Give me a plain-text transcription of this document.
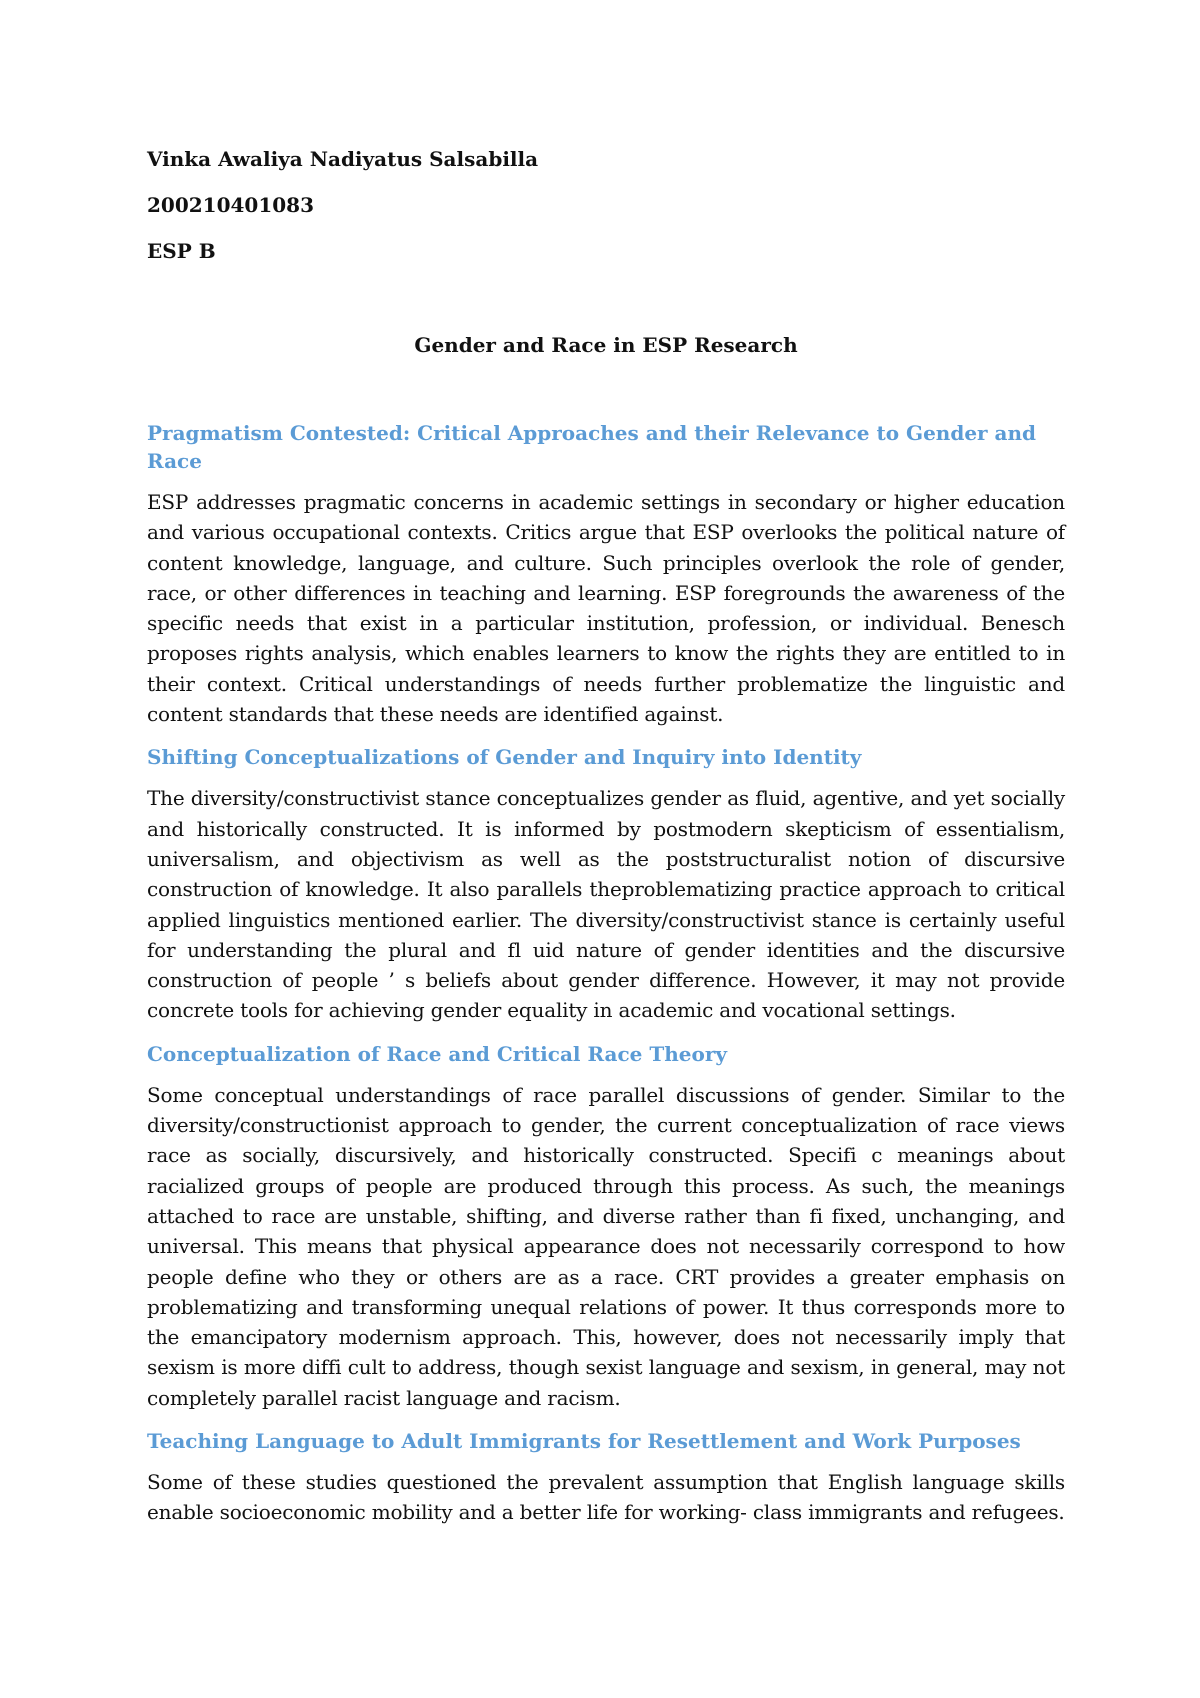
Vinka Awaliya Nadiyatus Salsabilla
200210401083
ESP B
Gender and Race in ESP Research
Pragmatism Contested: Critical Approaches and their Relevance to Gender and Race
ESP addresses pragmatic concerns in academic settings in secondary or higher education and various occupational contexts. Critics argue that ESP overlooks the political nature of content knowledge, language, and culture. Such principles overlook the role of gender, race, or other differences in teaching and learning. ESP foregrounds the awareness of the specific needs that exist in a particular institution, profession, or individual. Benesch proposes rights analysis, which enables learners to know the rights they are entitled to in their context. Critical understandings of needs further problematize the linguistic and content standards that these needs are identified against.
Shifting Conceptualizations of Gender and Inquiry into Identity
The diversity/constructivist stance conceptualizes gender as fluid, agentive, and yet socially and historically constructed. It is informed by postmodern skepticism of essentialism, universalism, and objectivism as well as the poststructuralist notion of discursive construction of knowledge. It also parallels theproblematizing practice approach to critical applied linguistics mentioned earlier. The diversity/constructivist stance is certainly useful for understanding the plural and fl uid nature of gender identities and the discursive construction of people ’ s beliefs about gender difference. However, it may not provide concrete tools for achieving gender equality in academic and vocational settings.
Conceptualization of Race and Critical Race Theory
Some conceptual understandings of race parallel discussions of gender. Similar to the diversity/constructionist approach to gender, the current conceptualization of race views race as socially, discursively, and historically constructed. Specifi c meanings about racialized groups of people are produced through this process. As such, the meanings attached to race are unstable, shifting, and diverse rather than fi fixed, unchanging, and universal. This means that physical appearance does not necessarily correspond to how people define who they or others are as a race. CRT provides a greater emphasis on problematizing and transforming unequal relations of power. It thus corresponds more to the emancipatory modernism approach. This, however, does not necessarily imply that sexism is more diffi cult to address, though sexist language and sexism, in general, may not completely parallel racist language and racism.
Teaching Language to Adult Immigrants for Resettlement and Work Purposes
Some of these studies questioned the prevalent assumption that English language skills enable socioeconomic mobility and a better life for working- class immigrants and refugees.
